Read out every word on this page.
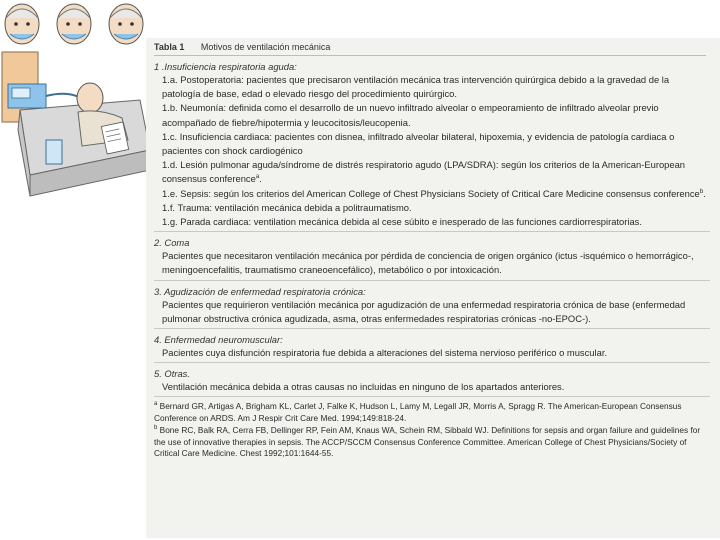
Tabla 1 Motivos de ventilación mecánica
1 .Insuficiencia respiratoria aguda:

1.a. Postoperatoria: pacientes que precisaron ventilación mecánica tras intervención quirúrgica debido a la gravedad de la patología de base, edad o elevado riesgo del procedimiento quirúrgico.

1.b. Neumonía: definida como el desarrollo de un nuevo infiltrado alveolar o empeoramiento de infiltrado alveolar previo acompañado de fiebre/hipotermia y leucocitosis/leucopenia.

1.c. Insuficiencia cardiaca: pacientes con disnea, infiltrado alveolar bilateral, hipoxemia, y evidencia de patología cardiaca o pacientes con shock cardiogénico

1.d. Lesión pulmonar aguda/síndrome de distrés respiratorio agudo (LPA/SDRA): según los criterios de la American-European consensus conference$^a$.

1.e. Sepsis: según los criterios del American College of Chest Physicians Society of Critical Care Medicine consensus conference$^b$.

1.f. Trauma: ventilación mecánica debida a politraumatismo.

1.g. Parada cardiaca: ventilation mecánica debida al cese súbito e inesperado de las funciones cardiorrespiratorias.

2. Coma

Pacientes que necesitaron ventilación mecánica por pérdida de conciencia de origen orgánico (ictus -isquémico o hemorrágico-, meningoencefalitis, traumatismo craneoencefálico), metabólico o por intoxicación.

3. Agudización de enfermedad respiratoria crónica:

Pacientes que requirieron ventilación mecánica por agudización de una enfermedad respiratoria crónica de base (enfermedad pulmonar obstructiva crónica agudizada, asma, otras enfermedades respiratorias crónicas -no-EPOC-).

4. Enfermedad neuromuscular:

Pacientes cuya disfunción respiratoria fue debida a alteraciones del sistema nervioso periférico o muscular.

5. Otras.

Ventilación mecánica debida a otras causas no incluidas en ninguno de los apartados anteriores.

$^a$ Bernard GR, Artigas A, Brigham KL, Carlet J, Falke K, Hudson L, Lamy M, Legall JR, Morris A, Spragg R. The American-European Consensus Conference on ARDS. Am J Respir Crit Care Med. 1994;149:818-24.

$^b$ Bone RC, Balk RA, Cerra FB, Dellinger RP, Fein AM, Knaus WA, Schein RM, Sibbald WJ. Definitions for sepsis and organ failure and guidelines for the use of innovative therapies in sepsis. The ACCP/SCCM Consensus Conference Committee. American College of Chest Physicians/Society of Critical Care Medicine. Chest 1992;101:1644-55.
